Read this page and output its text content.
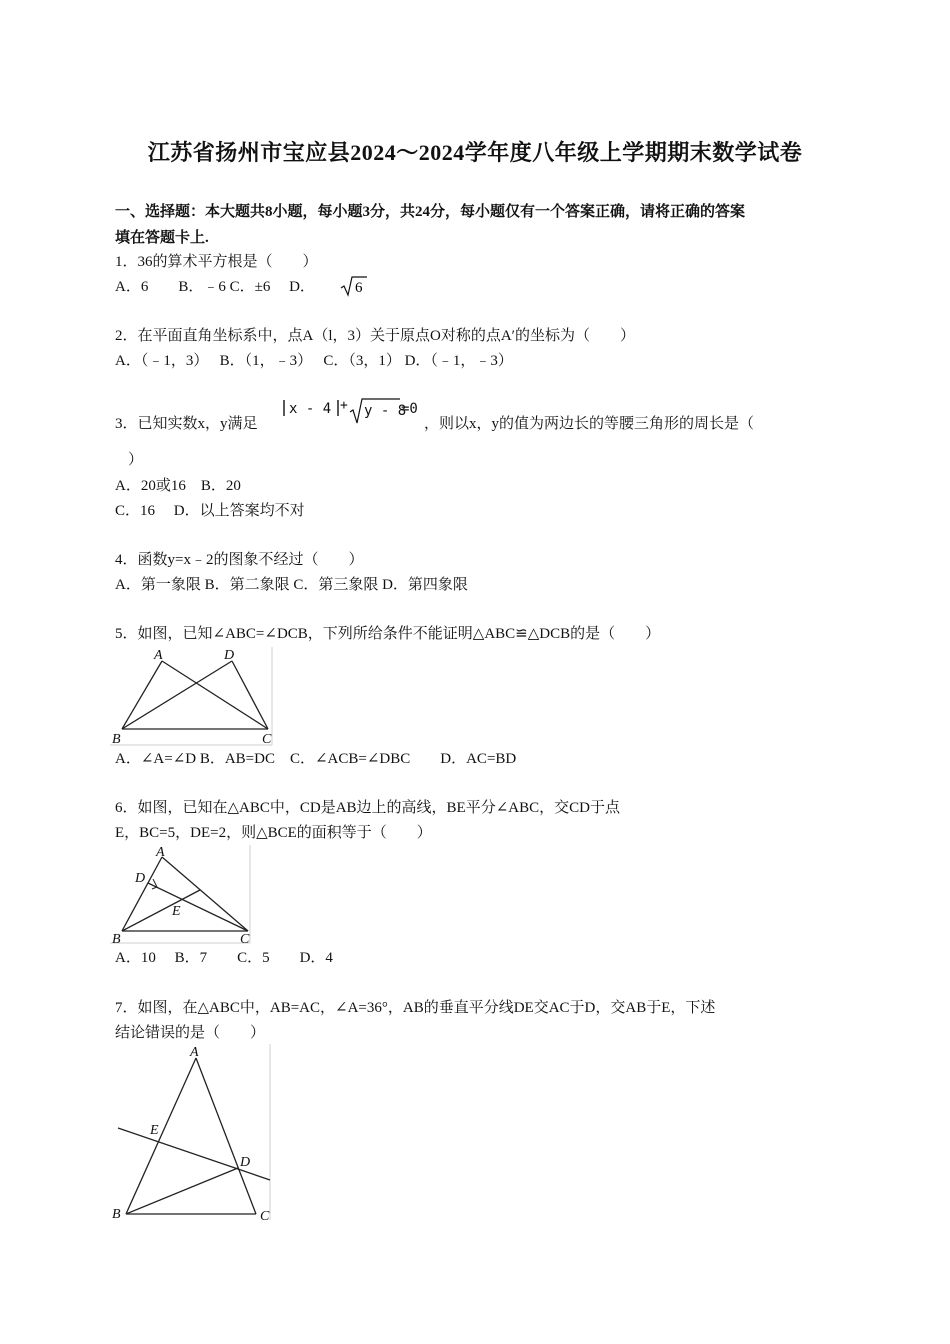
江苏省扬州市宝应县2024～2024学年度八年级上学期期末数学试卷
一、选择题：本大题共8小题，每小题3分，共24分，每小题仅有一个答案正确，请将正确的答案
填在答题卡上.
1．36的算术平方根是（　　）
A．6　　B．﹣6 C．±6　 D．	6
2．在平面直角坐标系中，点A（l，3）关于原点O对称的点A′的坐标为（　　）
A．（﹣1，3）　 B．（1，﹣3）　 C．（3，1） D．（﹣1，﹣3）
3．已知实数x，y满足
x - 4 + y - 8
=0
，则以x，y的值为两边长的等腰三角形的周长是（
）
A．20或16　B．20
C．16　 D．以上答案均不对
4．函数y=x﹣2的图象不经过（　　）
A．第一象限 B．第二象限 C．第三象限 D．第四象限
5．如图，已知∠ABC=∠DCB，下列所给条件不能证明△ABC≌△DCB的是（　　）
A	D
B	C
A．∠A=∠D B．AB=DC　C．∠ACB=∠DBC　　D．AC=BD
6．如图，已知在△ABC中，CD是AB边上的高线，BE平分∠ABC，交CD于点
E，BC=5，DE=2，则△BCE的面积等于（　　）
A
D
E
B	C
A．10　 B．7　　C．5　　D．4
7．如图，在△ABC中，AB=AC，∠A=36°，AB的垂直平分线DE交AC于D，交AB于E，下述
结论错误的是（　　）
A
E
D
B	C
